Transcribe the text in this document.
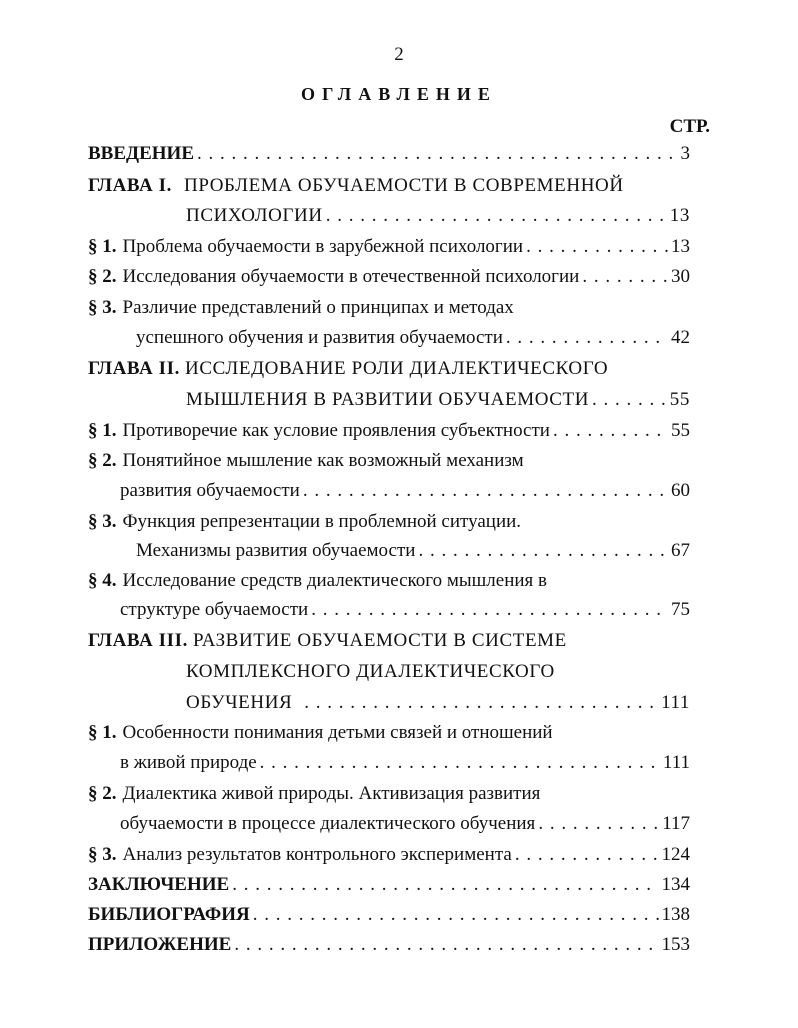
2
ОГЛАВЛЕНИЕ
СТР.
ВВЕДЕНИЕ . . .	3
ГЛАВА I. ПРОБЛЕМА ОБУЧАЕМОСТИ В СОВРЕМЕННОЙ
ПСИХОЛОГИИ . . .	13
§ 1. Проблема обучаемости в зарубежной психологии . . .	13
§ 2. Исследования обучаемости в отечественной психологии . . .	30
§ 3. Различие представлений о принципах и методах
успешного обучения и развития обучаемости . . .	42
ГЛАВА II. ИССЛЕДОВАНИЕ РОЛИ ДИАЛЕКТИЧЕСКОГО
МЫШЛЕНИЯ В РАЗВИТИИ ОБУЧАЕМОСТИ . . .	55
§ 1. Противоречие как условие проявления субъектности . . .	55
§ 2. Понятийное мышление как возможный механизм
развития обучаемости . . .	60
§ 3. Функция репрезентации в проблемной ситуации.
Механизмы развития обучаемости . . .	67
§ 4. Исследование средств диалектического мышления в
структуре обучаемости . . .	75
ГЛАВА III. РАЗВИТИЕ ОБУЧАЕМОСТИ В СИСТЕМЕ
КОМПЛЕКСНОГО ДИАЛЕКТИЧЕСКОГО
ОБУЧЕНИЯ . . .	111
§ 1. Особенности понимания детьми связей и отношений
в живой природе . . .	111
§ 2. Диалектика живой природы. Активизация развития
обучаемости в процессе диалектического обучения . . .	117
§ 3. Анализ результатов контрольного эксперимента . . .	124
ЗАКЛЮЧЕНИЕ . . .	134
БИБЛИОГРАФИЯ . . .	138
ПРИЛОЖЕНИЕ . . .	153
